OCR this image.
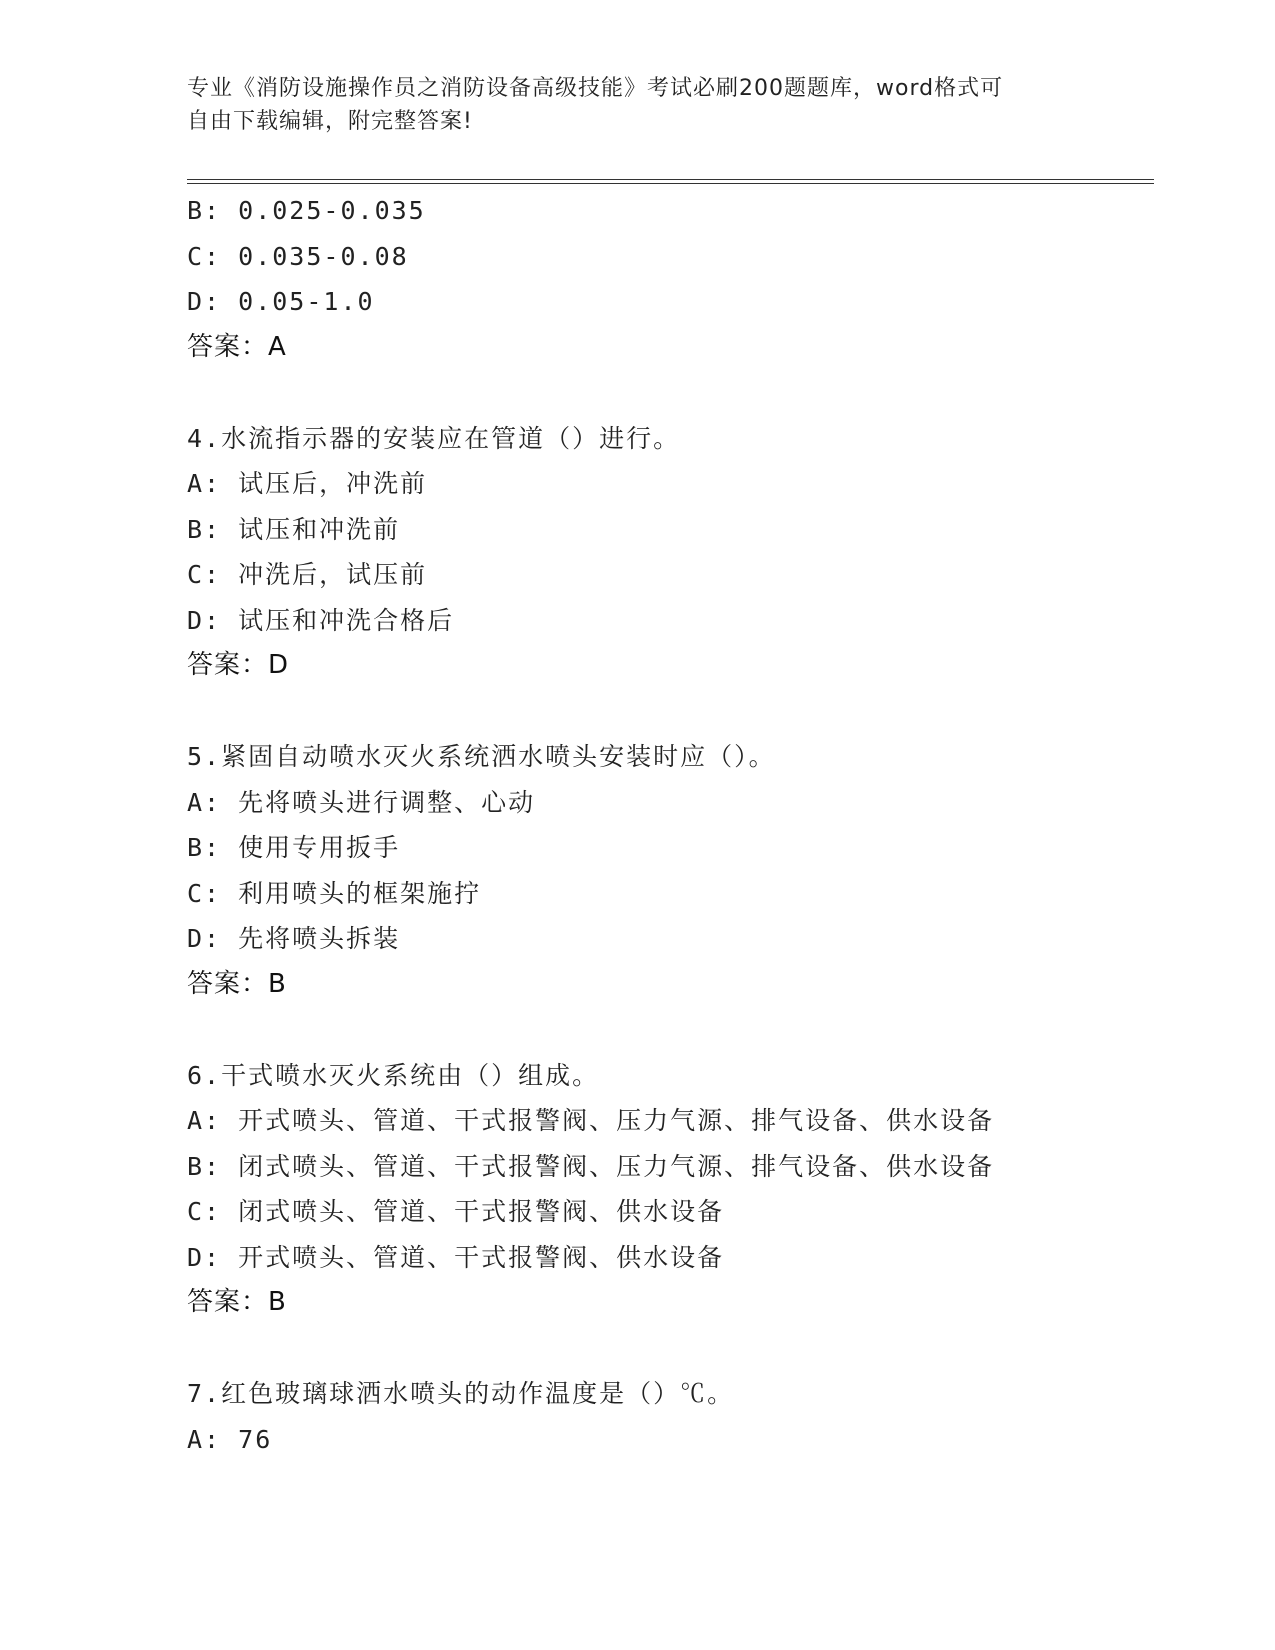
专业《消防设施操作员之消防设备高级技能》考试必刷200题题库，word格式可
自由下载编辑，附完整答案!
B: 0.025-0.035
C: 0.035-0.08
D: 0.05-1.0
答案：A
4.水流指示器的安装应在管道（）进行。
A: 试压后，冲洗前
B: 试压和冲洗前
C: 冲洗后，试压前
D: 试压和冲洗合格后
答案：D
5.紧固自动喷水灭火系统洒水喷头安装时应（）。
A: 先将喷头进行调整、心动
B: 使用专用扳手
C: 利用喷头的框架施拧
D: 先将喷头拆装
答案：B
6.干式喷水灭火系统由（）组成。
A: 开式喷头、管道、干式报警阀、压力气源、排气设备、供水设备
B: 闭式喷头、管道、干式报警阀、压力气源、排气设备、供水设备
C: 闭式喷头、管道、干式报警阀、供水设备
D: 开式喷头、管道、干式报警阀、供水设备
答案：B
7.红色玻璃球洒水喷头的动作温度是（）℃。
A: 76
